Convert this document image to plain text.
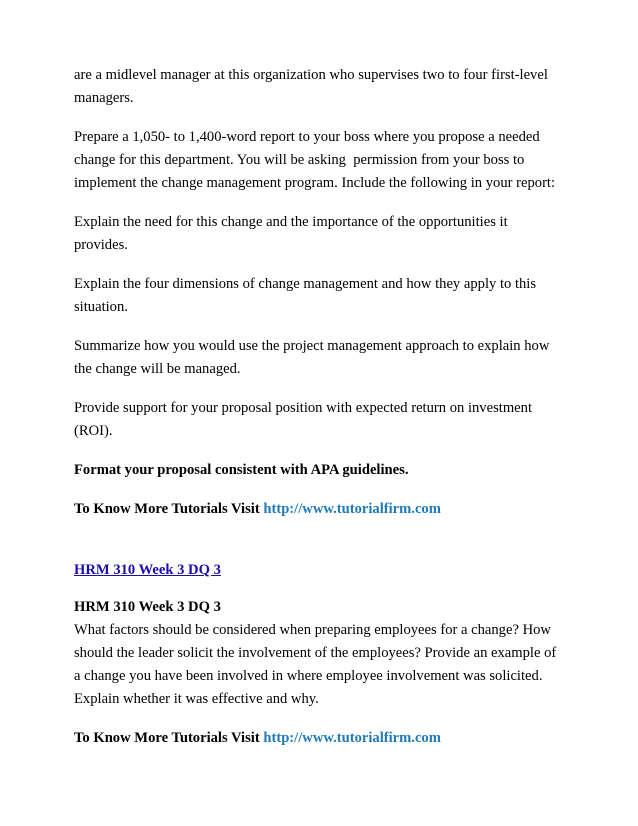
are a midlevel manager at this organization who supervises two to four first-level
managers.

Prepare a 1,050- to 1,400-word report to your boss where you propose a needed
change for this department. You will be asking  permission from your boss to
implement the change management program. Include the following in your report:

Explain the need for this change and the importance of the opportunities it
provides.

Explain the four dimensions of change management and how they apply to this
situation.

Summarize how you would use the project management approach to explain how
the change will be managed.

Provide support for your proposal position with expected return on investment
(ROI).

Format your proposal consistent with APA guidelines.

To Know More Tutorials Visit http://www.tutorialfirm.com

HRM 310 Week 3 DQ 3

HRM 310 Week 3 DQ 3
What factors should be considered when preparing employees for a change? How
should the leader solicit the involvement of the employees? Provide an example of
a change you have been involved in where employee involvement was solicited.
Explain whether it was effective and why.

To Know More Tutorials Visit http://www.tutorialfirm.com
